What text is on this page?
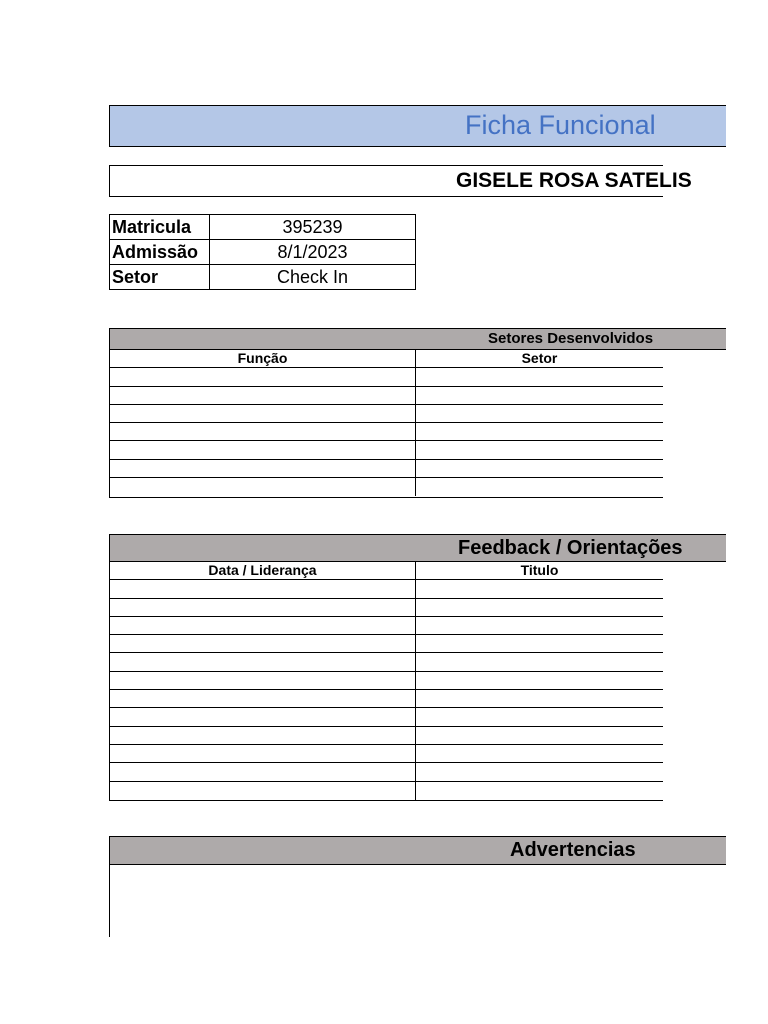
Ficha Funcional
GISELE ROSA SATELIS
Matricula	395239
Admissão	8/1/2023
Setor	Check In
Setores Desenvolvidos
Função	Setor
Feedback / Orientações
Data / Liderança	Titulo
Advertencias
